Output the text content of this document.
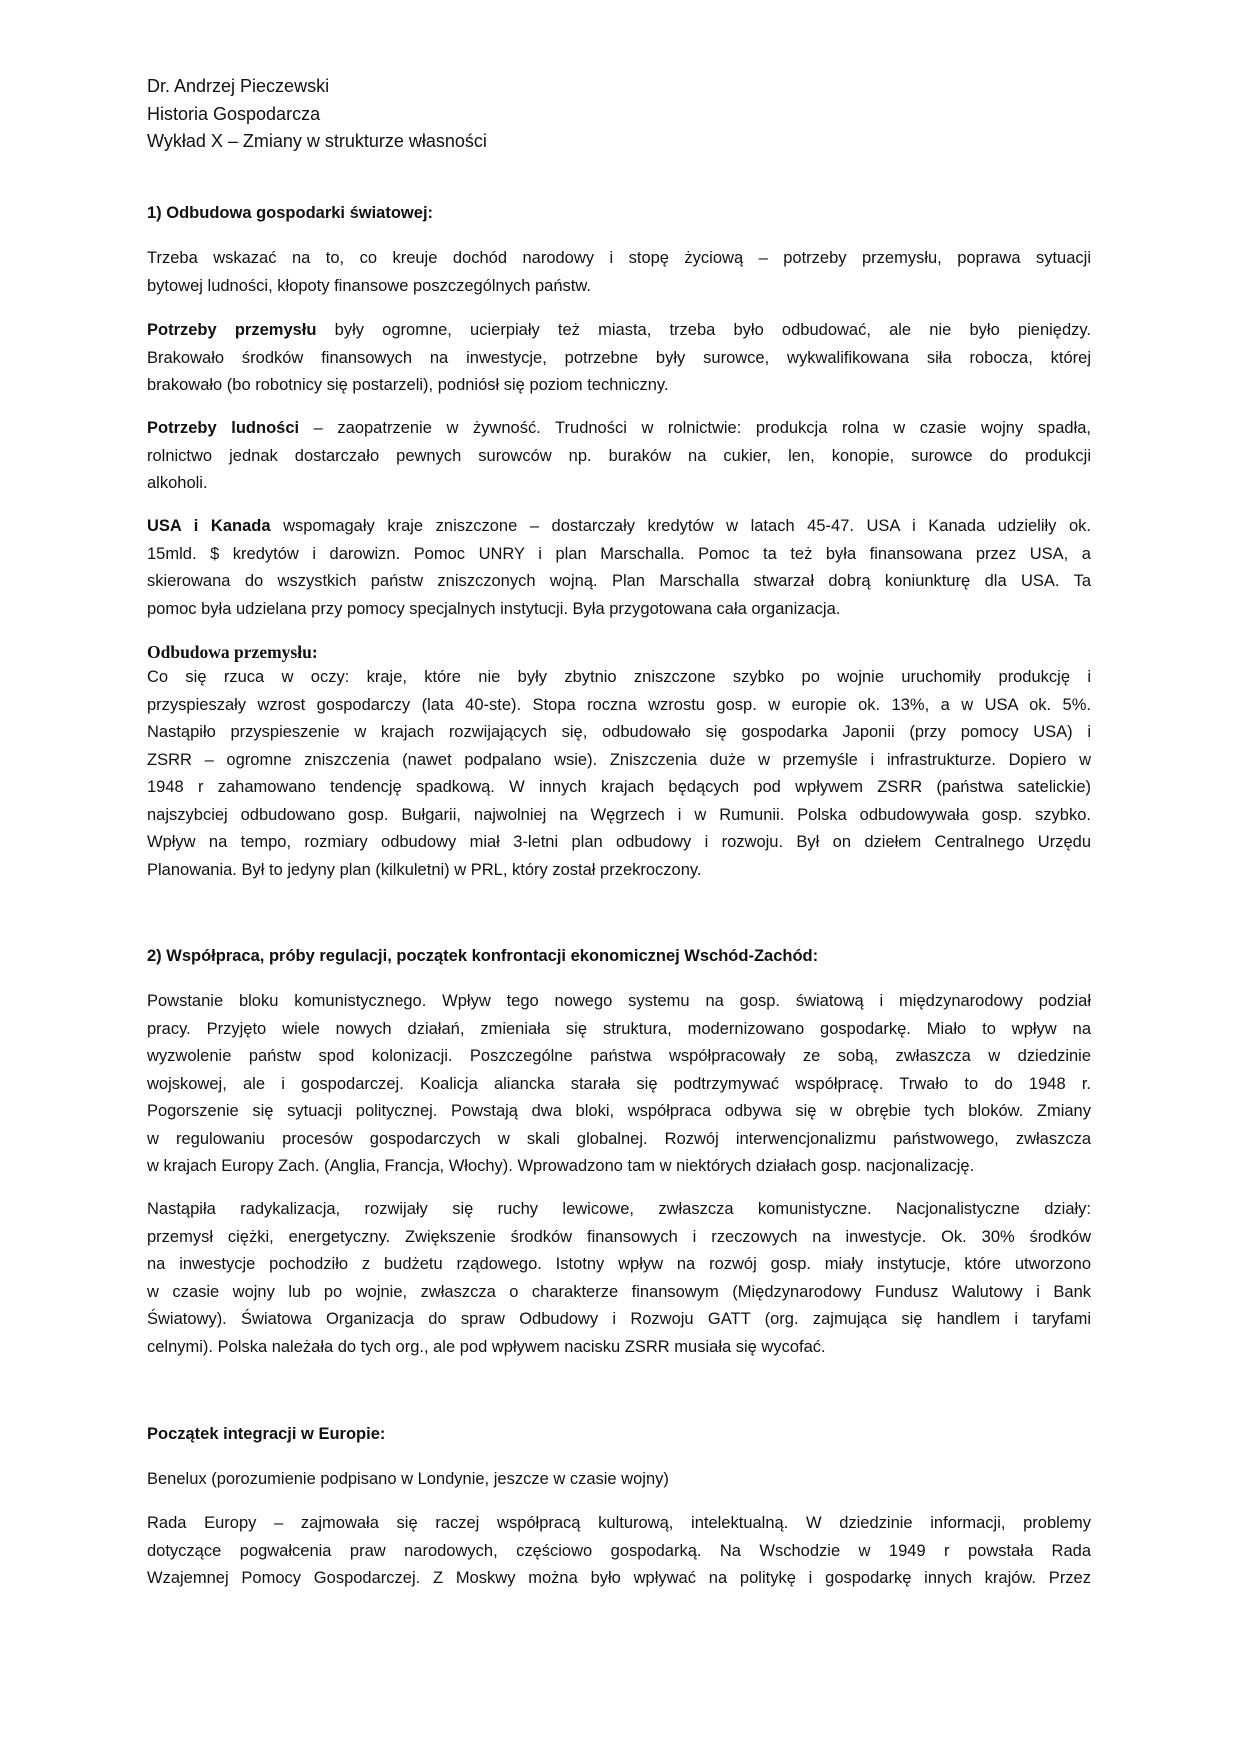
Dr. Andrzej Pieczewski
Historia Gospodarcza
Wykład X – Zmiany w strukturze własności
1) Odbudowa gospodarki światowej:
Trzeba wskazać na to, co kreuje dochód narodowy i stopę życiową – potrzeby przemysłu, poprawa sytuacji
bytowej ludności, kłopoty finansowe poszczególnych państw.
Potrzeby przemysłu były ogromne, ucierpiały też miasta, trzeba było odbudować, ale nie było pieniędzy.
Brakowało środków finansowych na inwestycje, potrzebne były surowce, wykwalifikowana siła robocza, której
brakowało (bo robotnicy się postarzeli), podniósł się poziom techniczny.
Potrzeby ludności – zaopatrzenie w żywność. Trudności w rolnictwie: produkcja rolna w czasie wojny spadła,
rolnictwo jednak dostarczało pewnych surowców np. buraków na cukier, len, konopie, surowce do produkcji
alkoholi.
USA i Kanada wspomagały kraje zniszczone – dostarczały kredytów w latach 45-47. USA i Kanada udzieliły ok.
15mld. $ kredytów i darowizn. Pomoc UNRY i plan Marschalla. Pomoc ta też była finansowana przez USA, a
skierowana do wszystkich państw zniszczonych wojną. Plan Marschalla stwarzał dobrą koniunkturę dla USA. Ta
pomoc była udzielana przy pomocy specjalnych instytucji. Była przygotowana cała organizacja.
Odbudowa przemysłu:
Co się rzuca w oczy: kraje, które nie były zbytnio zniszczone szybko po wojnie uruchomiły produkcję i
przyspieszały wzrost gospodarczy (lata 40-ste). Stopa roczna wzrostu gosp. w europie ok. 13%, a w USA ok. 5%.
Nastąpiło przyspieszenie w krajach rozwijających się, odbudowało się gospodarka Japonii (przy pomocy USA) i
ZSRR – ogromne zniszczenia (nawet podpalano wsie). Zniszczenia duże w przemyśle i infrastrukturze. Dopiero w
1948 r zahamowano tendencję spadkową. W innych krajach będących pod wpływem ZSRR (państwa satelickie)
najszybciej odbudowano gosp. Bułgarii, najwolniej na Węgrzech i w Rumunii. Polska odbudowywała gosp. szybko.
Wpływ na tempo, rozmiary odbudowy miał 3-letni plan odbudowy i rozwoju. Był on dziełem Centralnego Urzędu
Planowania. Był to jedyny plan (kilkuletni) w PRL, który został przekroczony.
2) Współpraca, próby regulacji, początek konfrontacji ekonomicznej Wschód-Zachód:
Powstanie bloku komunistycznego. Wpływ tego nowego systemu na gosp. światową i międzynarodowy podział
pracy. Przyjęto wiele nowych działań, zmieniała się struktura, modernizowano gospodarkę. Miało to wpływ na
wyzwolenie państw spod kolonizacji. Poszczególne państwa współpracowały ze sobą, zwłaszcza w dziedzinie
wojskowej, ale i gospodarczej. Koalicja aliancka starała się podtrzymywać współpracę. Trwało to do 1948 r.
Pogorszenie się sytuacji politycznej. Powstają dwa bloki, współpraca odbywa się w obrębie tych bloków. Zmiany
w regulowaniu procesów gospodarczych w skali globalnej. Rozwój interwencjonalizmu państwowego, zwłaszcza
w krajach Europy Zach. (Anglia, Francja, Włochy). Wprowadzono tam w niektórych działach gosp. nacjonalizację.
Nastąpiła radykalizacja, rozwijały się ruchy lewicowe, zwłaszcza komunistyczne. Nacjonalistyczne działy:
przemysł ciężki, energetyczny. Zwiększenie środków finansowych i rzeczowych na inwestycje. Ok. 30% środków
na inwestycje pochodziło z budżetu rządowego. Istotny wpływ na rozwój gosp. miały instytucje, które utworzono
w czasie wojny lub po wojnie, zwłaszcza o charakterze finansowym (Międzynarodowy Fundusz Walutowy i Bank
Światowy). Światowa Organizacja do spraw Odbudowy i Rozwoju GATT (org. zajmująca się handlem i taryfami
celnymi). Polska należała do tych org., ale pod wpływem nacisku ZSRR musiała się wycofać.
Początek integracji w Europie:
Benelux (porozumienie podpisano w Londynie, jeszcze w czasie wojny)
Rada Europy – zajmowała się raczej współpracą kulturową, intelektualną. W dziedzinie informacji, problemy
dotyczące pogwałcenia praw narodowych, częściowo gospodarką. Na Wschodzie w 1949 r powstała Rada
Wzajemnej Pomocy Gospodarczej. Z Moskwy można było wpływać na politykę i gospodarkę innych krajów. Przez
